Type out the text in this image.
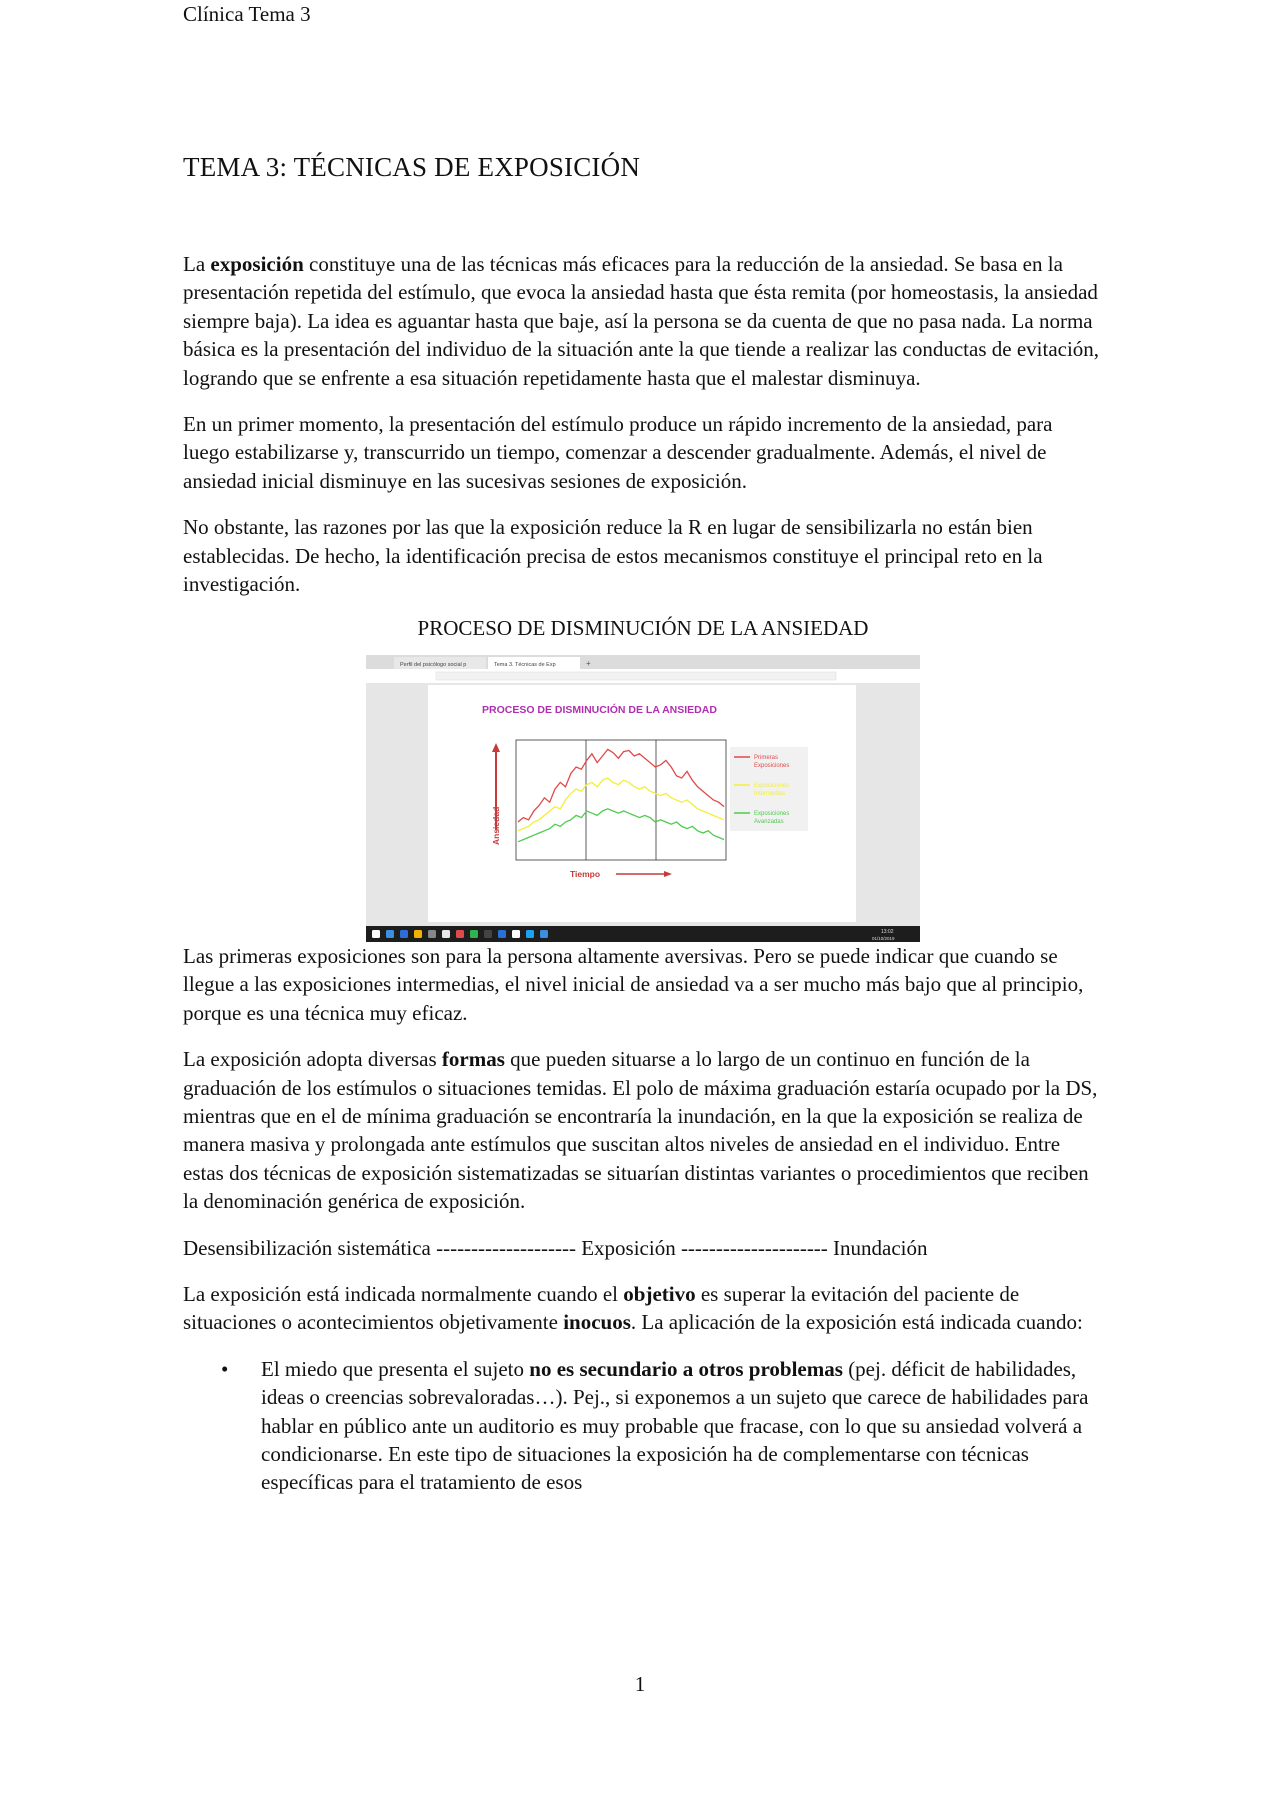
Clínica Tema 3
TEMA 3: TÉCNICAS DE EXPOSICIÓN

La exposición constituye una de las técnicas más eficaces para la reducción de la ansiedad. Se basa en la presentación repetida del estímulo, que evoca la ansiedad hasta que ésta remita (por homeostasis, la ansiedad siempre baja). La idea es aguantar hasta que baje, así la persona se da cuenta de que no pasa nada. La norma básica es la presentación del individuo de la situación ante la que tiende a realizar las conductas de evitación, logrando que se enfrente a esa situación repetidamente hasta que el malestar disminuya.

En un primer momento, la presentación del estímulo produce un rápido incremento de la ansiedad, para luego estabilizarse y, transcurrido un tiempo, comenzar a descender gradualmente. Además, el nivel de ansiedad inicial disminuye en las sucesivas sesiones de exposición.

No obstante, las razones por las que la exposición reduce la R en lugar de sensibilizarla no están bien establecidas. De hecho, la identificación precisa de estos mecanismos constituye el principal reto en la investigación.

PROCESO DE DISMINUCIÓN DE LA ANSIEDAD
Perfil del psicólogo social p	Tema 3. Técnicas de Exp	+
PROCESO DE DISMINUCIÓN DE LA ANSIEDAD
Ansiedad
Tiempo
Primeras Exposiciones
Exposiciones Intermedias
Exposiciones Avanzadas
13:02
01/10/2019

Las primeras exposiciones son para la persona altamente aversivas. Pero se puede indicar que cuando se llegue a las exposiciones intermedias, el nivel inicial de ansiedad va a ser mucho más bajo que al principio, porque es una técnica muy eficaz.

La exposición adopta diversas formas que pueden situarse a lo largo de un continuo en función de la graduación de los estímulos o situaciones temidas. El polo de máxima graduación estaría ocupado por la DS, mientras que en el de mínima graduación se encontraría la inundación, en la que la exposición se realiza de manera masiva y prolongada ante estímulos que suscitan altos niveles de ansiedad en el individuo. Entre estas dos técnicas de exposición sistematizadas se situarían distintas variantes o procedimientos que reciben la denominación genérica de exposición.

Desensibilización sistemática -------------------- Exposición --------------------- Inundación

La exposición está indicada normalmente cuando el objetivo es superar la evitación del paciente de situaciones o acontecimientos objetivamente inocuos. La aplicación de la exposición está indicada cuando:

• El miedo que presenta el sujeto no es secundario a otros problemas (pej. déficit de habilidades, ideas o creencias sobrevaloradas…). Pej., si exponemos a un sujeto que carece de habilidades para hablar en público ante un auditorio es muy probable que fracase, con lo que su ansiedad volverá a condicionarse. En este tipo de situaciones la exposición ha de complementarse con técnicas específicas para el tratamiento de esos
1
